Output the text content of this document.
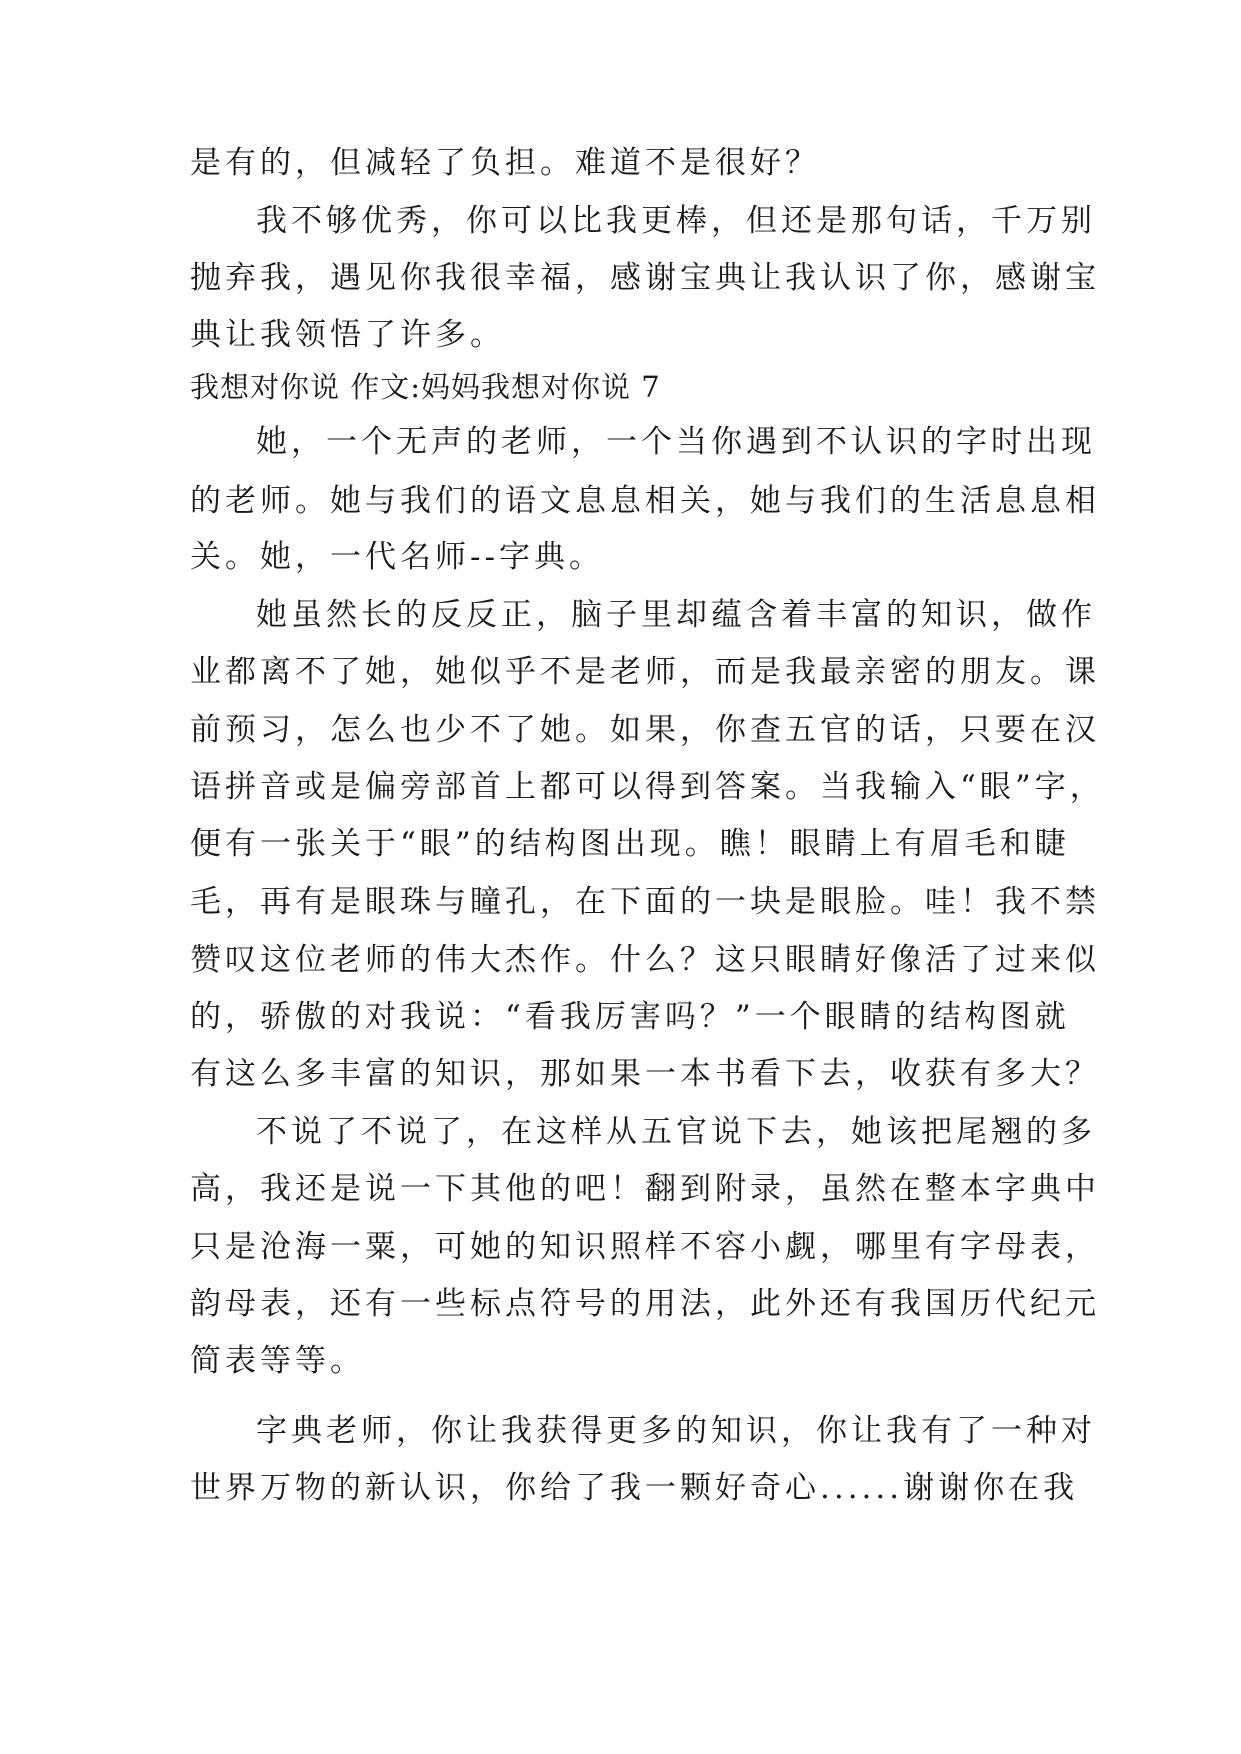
是有的，但减轻了负担。难道不是很好？
我不够优秀，你可以比我更棒，但还是那句话，千万别
抛弃我，遇见你我很幸福，感谢宝典让我认识了你，感谢宝
典让我领悟了许多。
我想对你说 作文:妈妈我想对你说 7
她，一个无声的老师，一个当你遇到不认识的字时出现
的老师。她与我们的语文息息相关，她与我们的生活息息相
关。她，一代名师--字典。
她虽然长的反反正，脑子里却蕴含着丰富的知识，做作
业都离不了她，她似乎不是老师，而是我最亲密的朋友。课
前预习，怎么也少不了她。如果，你查五官的话，只要在汉
语拼音或是偏旁部首上都可以得到答案。当我输入“眼”字，
便有一张关于“眼”的结构图出现。瞧！眼睛上有眉毛和睫
毛，再有是眼珠与瞳孔，在下面的一块是眼脸。哇！我不禁
赞叹这位老师的伟大杰作。什么？这只眼睛好像活了过来似
的，骄傲的对我说：“看我厉害吗？”一个眼睛的结构图就
有这么多丰富的知识，那如果一本书看下去，收获有多大？
不说了不说了，在这样从五官说下去，她该把尾翘的多
高，我还是说一下其他的吧！翻到附录，虽然在整本字典中
只是沧海一粟，可她的知识照样不容小觑，哪里有字母表，
韵母表，还有一些标点符号的用法，此外还有我国历代纪元
简表等等。
字典老师，你让我获得更多的知识，你让我有了一种对
世界万物的新认识，你给了我一颗好奇心......谢谢你在我
